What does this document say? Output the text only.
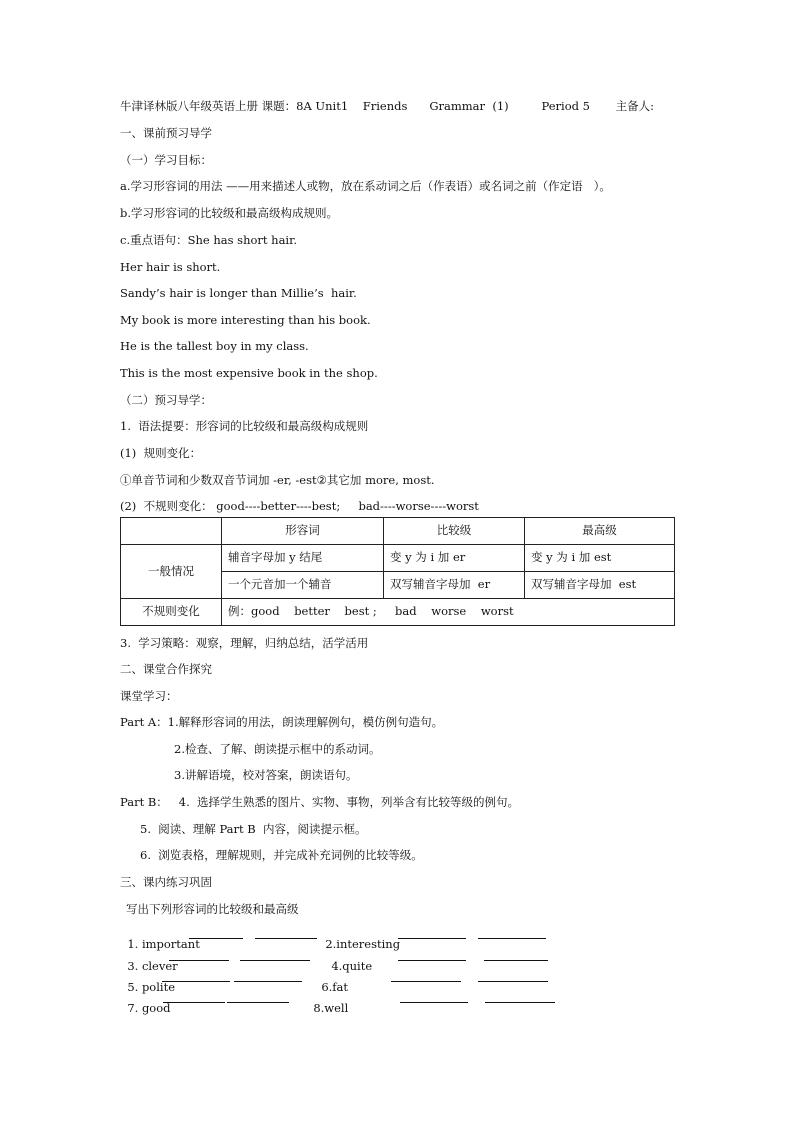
牛津译林版八年级英语上册 课题：8A Unit1    Friends      Grammar  (1)         Period 5       主备人:
一、课前预习导学
（一）学习目标：
a.学习形容词的用法 ——用来描述人或物，放在系动词之后（作表语）或名词之前（作定语   ）。
b.学习形容词的比较级和最高级构成规则。
c.重点语句：She has short hair.
Her hair is short.
Sandy’s hair is longer than Millie’s  hair.
My book is more interesting than his book.
He is the tallest boy in my class.
This is the most expensive book in the shop.
（二）预习导学：
1.  语法提要：形容词的比较级和最高级构成规则
(1)  规则变化：
①单音节词和少数双音节词加 -er, -est②其它加 more, most.
(2)  不规则变化： good----better----best;     bad----worse----worst
	形容词	比较级	最高级
一般情况	辅音字母加 y 结尾	变 y 为 i 加 er	变 y 为 i 加 est
	一个元音加一个辅音	双写辅音字母加  er	双写辅音字母加  est
不规则变化	例：good    better    best ;     bad    worse    worst		
3.  学习策略：观察，理解，归纳总结，活学活用
二、课堂合作探究
课堂学习：
Part A：1.解释形容词的用法，朗读理解例句，模仿例句造句。
2.检查、了解、朗读提示框中的系动词。
3.讲解语境，校对答案，朗读语句。
Part B：   4.  选择学生熟悉的图片、实物、事物，列举含有比较等级的例句。
5.  阅读、理解 Part B  内容，阅读提示框。
6.  浏览表格，理解规则，并完成补充词例的比较等级。
三、课内练习巩固
写出下列形容词的比较级和最高级

1. important	2.interesting

3. clever	4.quite

5. polite	6.fat

7. good	8.well
